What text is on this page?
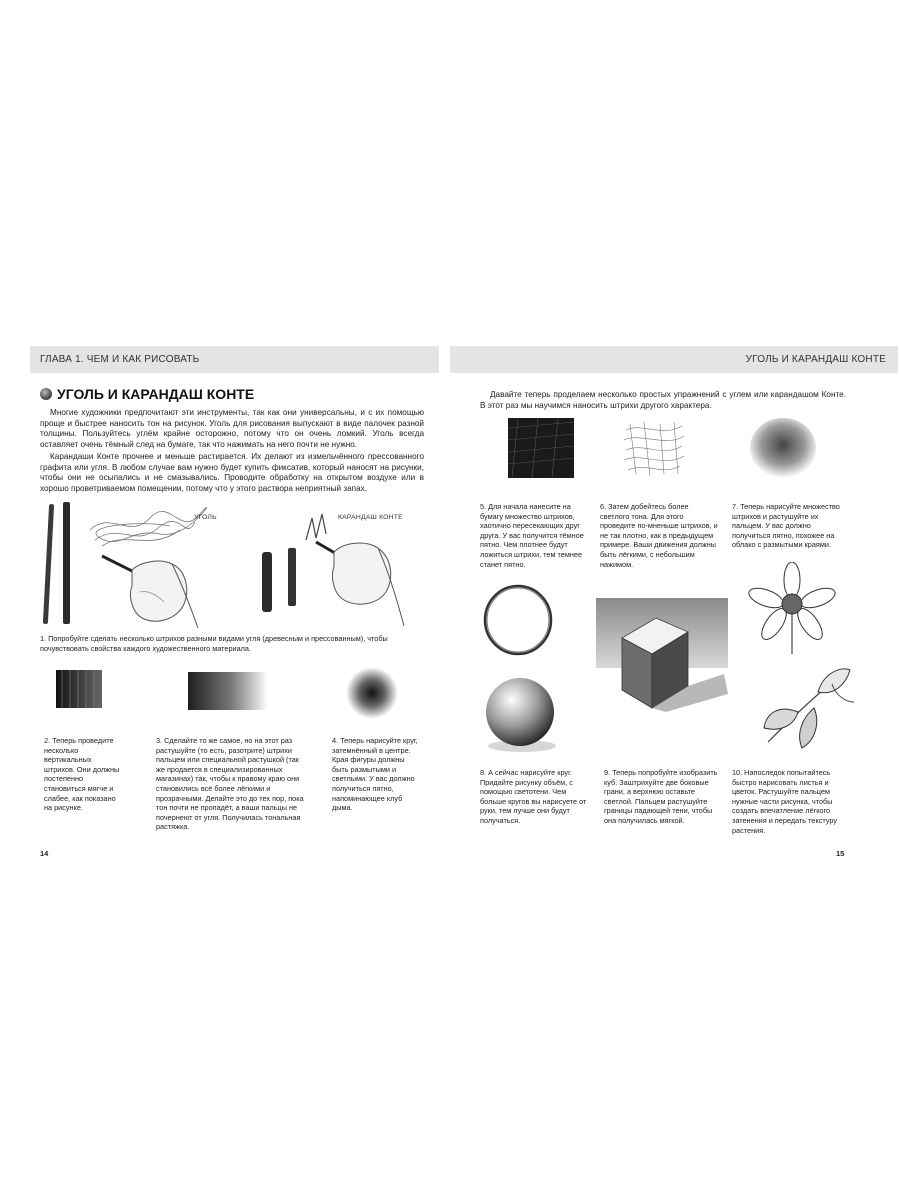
ГЛАВА 1. ЧЕМ И КАК РИСОВАТЬ
УГОЛЬ И КАРАНДАШ КОНТЕ
Многие художники предпочитают эти инструменты, так как они универсальны, и с их помощью проще и быстрее наносить тон на рисунок. Уголь для рисования выпускают в виде палочек разной толщины. Пользуйтесь углём крайне осторожно, потому что он очень ломкий. Уголь всегда оставляет очень тёмный след на бумаге, так что нажимать на него почти не нужно.
Карандаши Конте прочнее и меньше растирается. Их делают из измельчённого прессованного графита или угля. В любом случае вам нужно будет купить фиксатив, который наносят на рисунки, чтобы они не осыпались и не смазывались. Проводите обработку на открытом воздухе или в хорошо проветриваемом помещении, потому что у этого раствора неприятный запах.
УГОЛЬ	КАРАНДАШ КОНТЕ
1. Попробуйте сделать несколько штрихов разными видами угля (древесным и прессованным), чтобы почувствовать свойства каждого художественного материала.
2. Теперь проведите несколько вертикальных штрихов. Они должны постепенно становиться мягче и слабее, как показано на рисунке.
3. Сделайте то же самое, но на этот раз растушуйте (то есть, разотрите) штрихи пальцем или специальной растушкой (так же продается в специализированных магазинах) так, чтобы к правому краю они становились всё более лёгкими и прозрачными. Делайте это до тех пор, пока тон почти не пропадёт, а ваши пальцы не почернеют от угля. Получилась тональная растяжка.
4. Теперь нарисуйте круг, затемнённый в центре. Края фигуры должны быть размытыми и светлыми. У вас должно получиться пятно, напоминающее клуб дыма.
14
УГОЛЬ И КАРАНДАШ КОНТЕ
Давайте теперь проделаем несколько простых упражнений с углем или карандашом Конте. В этот раз мы научимся наносить штрихи другого характера.
5. Для начала нанесите на бумагу множество штрихов, хаотично пересекающих друг друга. У вас получится тёмное пятно. Чем плотнее будут ложиться штрихи, тем темнее станет пятно.
6. Затем добейтесь более светлого тона. Для этого проведите по-мненьше штрихов, и не так плотно, как в предыдущем примере. Ваши движения должны быть лёгкими, с небольшим нажимом.
7. Теперь нарисуйте множество штрихов и растушуйте их пальцем. У вас должно получиться пятно, похожее на облако с размытыми краями.
8. А сейчас нарисуйте круг. Придайте рисунку объём, с помощью светотени. Чем больше кругов вы нарисуете от руки, тем лучше они будут получаться.
9. Теперь попробуйте изобразить куб. Заштрихуйте две боковые грани, а верхнюю оставьте светлой. Пальцем растушуйте границы падающей тени, чтобы она получилась мягкой.
10. Напоследок попытайтесь быстро нарисовать листья и цветок. Растушуйте пальцем нужные части рисунка, чтобы создать впечатление лёгкого затенения и передать текстуру растения.
15
